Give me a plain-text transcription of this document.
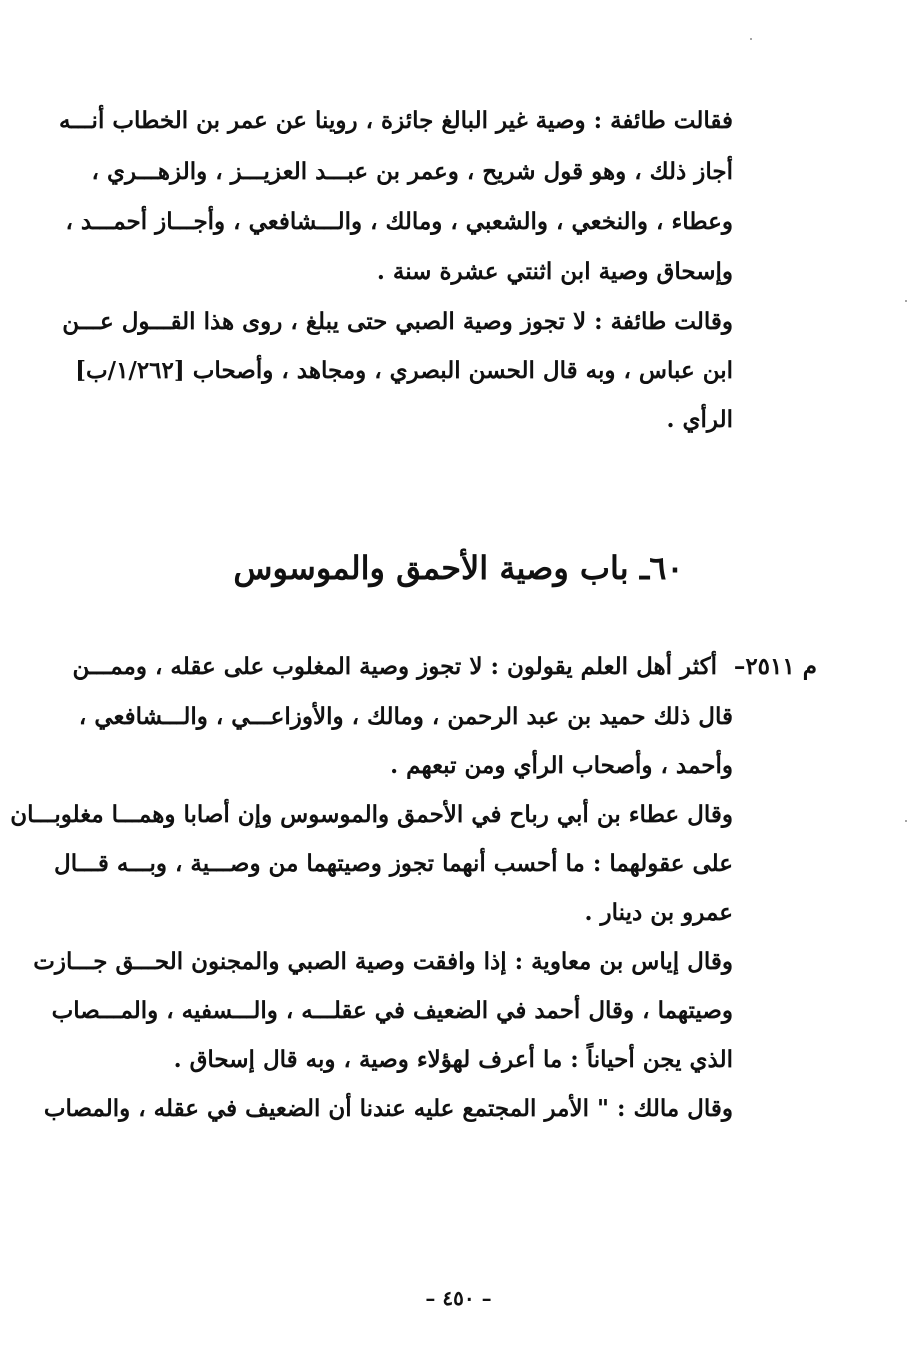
فقالت طائفة : وصية غير البالغ جائزة ، روينا عن عمر بن الخطاب أنـــه
أجاز ذلك ، وهو قول شريح ، وعمر بن عبـــد العزيـــز ، والزهـــري ،
وعطاء ، والنخعي ، والشعبي ، ومالك ، والـــشافعي ، وأجـــاز أحمـــد ،
وإسحاق وصية ابن اثنتي عشرة سنة .
وقالت طائفة : لا تجوز وصية الصبي حتى يبلغ ، روى هذا القـــول عـــن
ابن عباس ، وبه قال الحسن البصري ، ومجاهد ، وأصحاب [١/٢٦٢/ب]
الرأي .
٦٠ـ باب وصية الأحمق والموسوس
م ٢٥١١–
أكثر أهل العلم يقولون : لا تجوز وصية المغلوب على عقله ، وممـــن
قال ذلك حميد بن عبد الرحمن ، ومالك ، والأوزاعـــي ، والـــشافعي ،
وأحمد ، وأصحاب الرأي ومن تبعهم .
وقال عطاء بن أبي رباح في الأحمق والموسوس وإن أصابا وهمـــا مغلوبـــان
على عقولهما : ما أحسب أنهما تجوز وصيتهما من وصـــية ، وبـــه قـــال
عمرو بن دينار .
وقال إياس بن معاوية : إذا وافقت وصية الصبي والمجنون الحـــق جـــازت
وصيتهما ، وقال أحمد في الضعيف في عقلـــه ، والـــسفيه ، والمـــصاب
الذي يجن أحياناً : ما أعرف لهؤلاء وصية ، وبه قال إسحاق .
وقال مالك : " الأمر المجتمع عليه عندنا أن الضعيف في عقله ، والمصاب
– ٤٥٠ –
